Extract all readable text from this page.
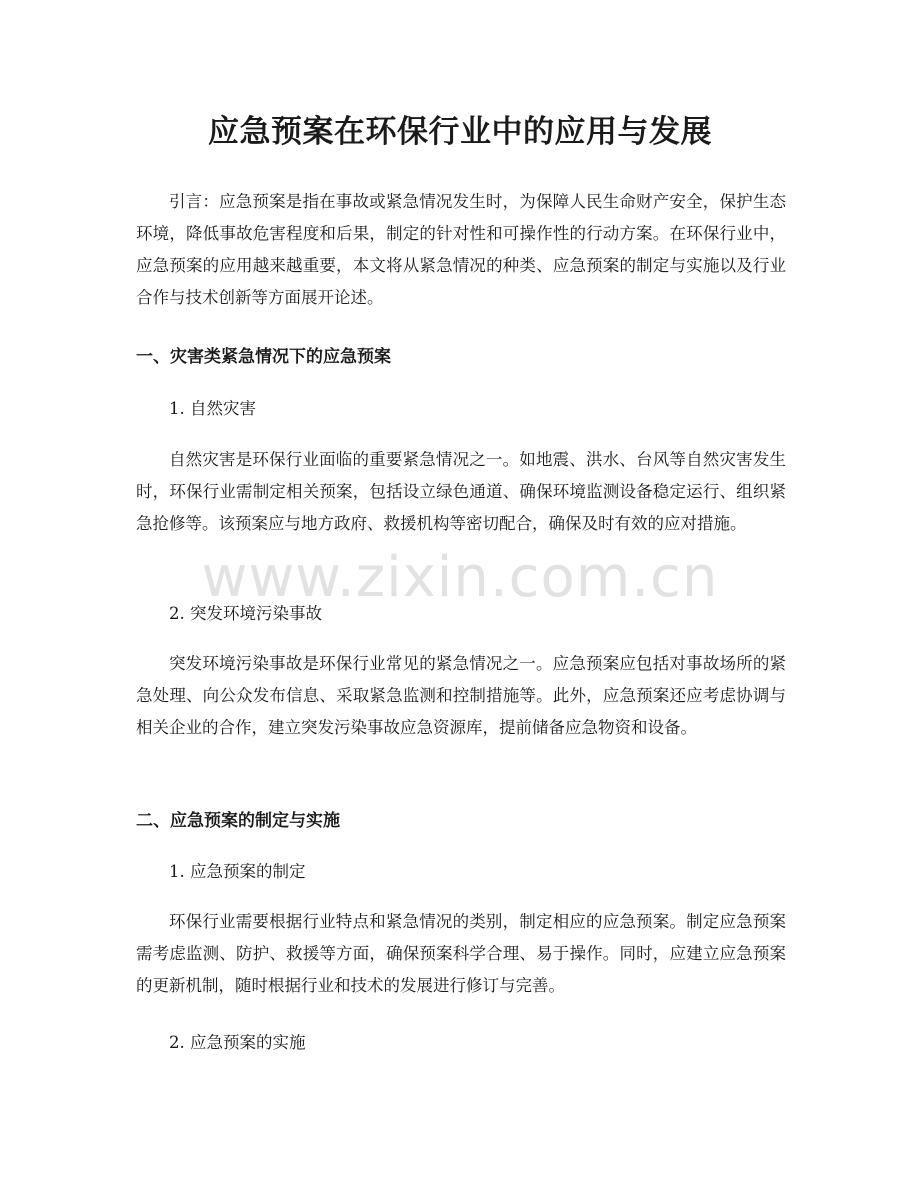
应急预案在环保行业中的应用与发展

引言：应急预案是指在事故或紧急情况发生时，为保障人民生命财产安全，保护生态环境，降低事故危害程度和后果，制定的针对性和可操作性的行动方案。在环保行业中，应急预案的应用越来越重要，本文将从紧急情况的种类、应急预案的制定与实施以及行业合作与技术创新等方面展开论述。

一、灾害类紧急情况下的应急预案

1. 自然灾害

自然灾害是环保行业面临的重要紧急情况之一。如地震、洪水、台风等自然灾害发生时，环保行业需制定相关预案，包括设立绿色通道、确保环境监测设备稳定运行、组织紧急抢修等。该预案应与地方政府、救援机构等密切配合，确保及时有效的应对措施。

2. 突发环境污染事故

突发环境污染事故是环保行业常见的紧急情况之一。应急预案应包括对事故场所的紧急处理、向公众发布信息、采取紧急监测和控制措施等。此外，应急预案还应考虑协调与相关企业的合作，建立突发污染事故应急资源库，提前储备应急物资和设备。

二、应急预案的制定与实施

1. 应急预案的制定

环保行业需要根据行业特点和紧急情况的类别，制定相应的应急预案。制定应急预案需考虑监测、防护、救援等方面，确保预案科学合理、易于操作。同时，应建立应急预案的更新机制，随时根据行业和技术的发展进行修订与完善。

2. 应急预案的实施

www.zixin.com.cn
